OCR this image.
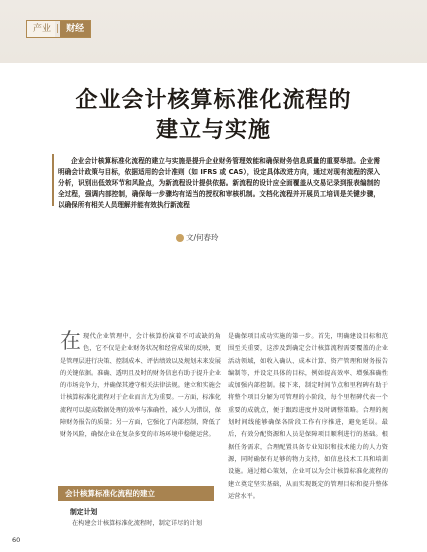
产业 | 财经
企业会计核算标准化流程的
建立与实施
企业会计核算标准化流程的建立与实施是提升企业财务管理效能和确保财务信息质量的重要举措。企业需明确会计政策与目标，依据适用的会计准则（如 IFRS 或 CAS），设定具体改进方向，通过对现有流程的深入分析，识别出低效环节和风险点，为新流程设计提供依据。新流程的设计应全面覆盖从交易记录到报表编制的全过程，强调内部控制，确保每一步骤均有适当的授权和审核机制。文档化流程并开展员工培训是关键步骤，以确保所有相关人员理解并能有效执行新流程
文/何春玲
在现代企业管理中，会计核算扮演着不可或缺的角色，它不仅是企业财务状况和经营成果的反映，更是管理层进行决策、控制成本、评估绩效以及规划未来发展的关键依据。准确、透明且及时的财务信息有助于提升企业的市场竞争力，并确保其遵守相关法律法规。建立和实施会计核算标准化流程对于企业而言尤为重要。一方面，标准化流程可以提高数据处理的效率与准确性，减少人为错误，保障财务报告的质量；另一方面，它强化了内部控制，降低了财务风险，确保企业在复杂多变的市场环境中稳健运营。
会计核算标准化流程的建立
制定计划
在构建会计核算标准化流程时，制定详尽的计划
是确保项目成功实施的第一步。首先，明确建设目标和范围至关重要，这涉及到确定会计核算流程需要覆盖的企业活动领域，如收入确认、成本计算、资产管理和财务报告编制等，并设定具体的目标，例如提高效率、增强准确性或加强内部控制。接下来，制定时间节点和里程碑有助于将整个项目分解为可管理的小阶段，每个里程碑代表一个重要的成就点，便于跟踪进度并及时调整策略。合理的规划时间线能够确保各阶段工作有序推进，避免延误。最后，有效分配资源和人员是保障项目顺利进行的基础。根据任务需求，合理配置具备专业知识和技术能力的人力资源，同时确保有足够的物力支持，如信息技术工具和培训设施。通过精心策划，企业可以为会计核算标准化流程的建立奠定坚实基础，从而实现既定的管理目标和提升整体运营水平。
60
